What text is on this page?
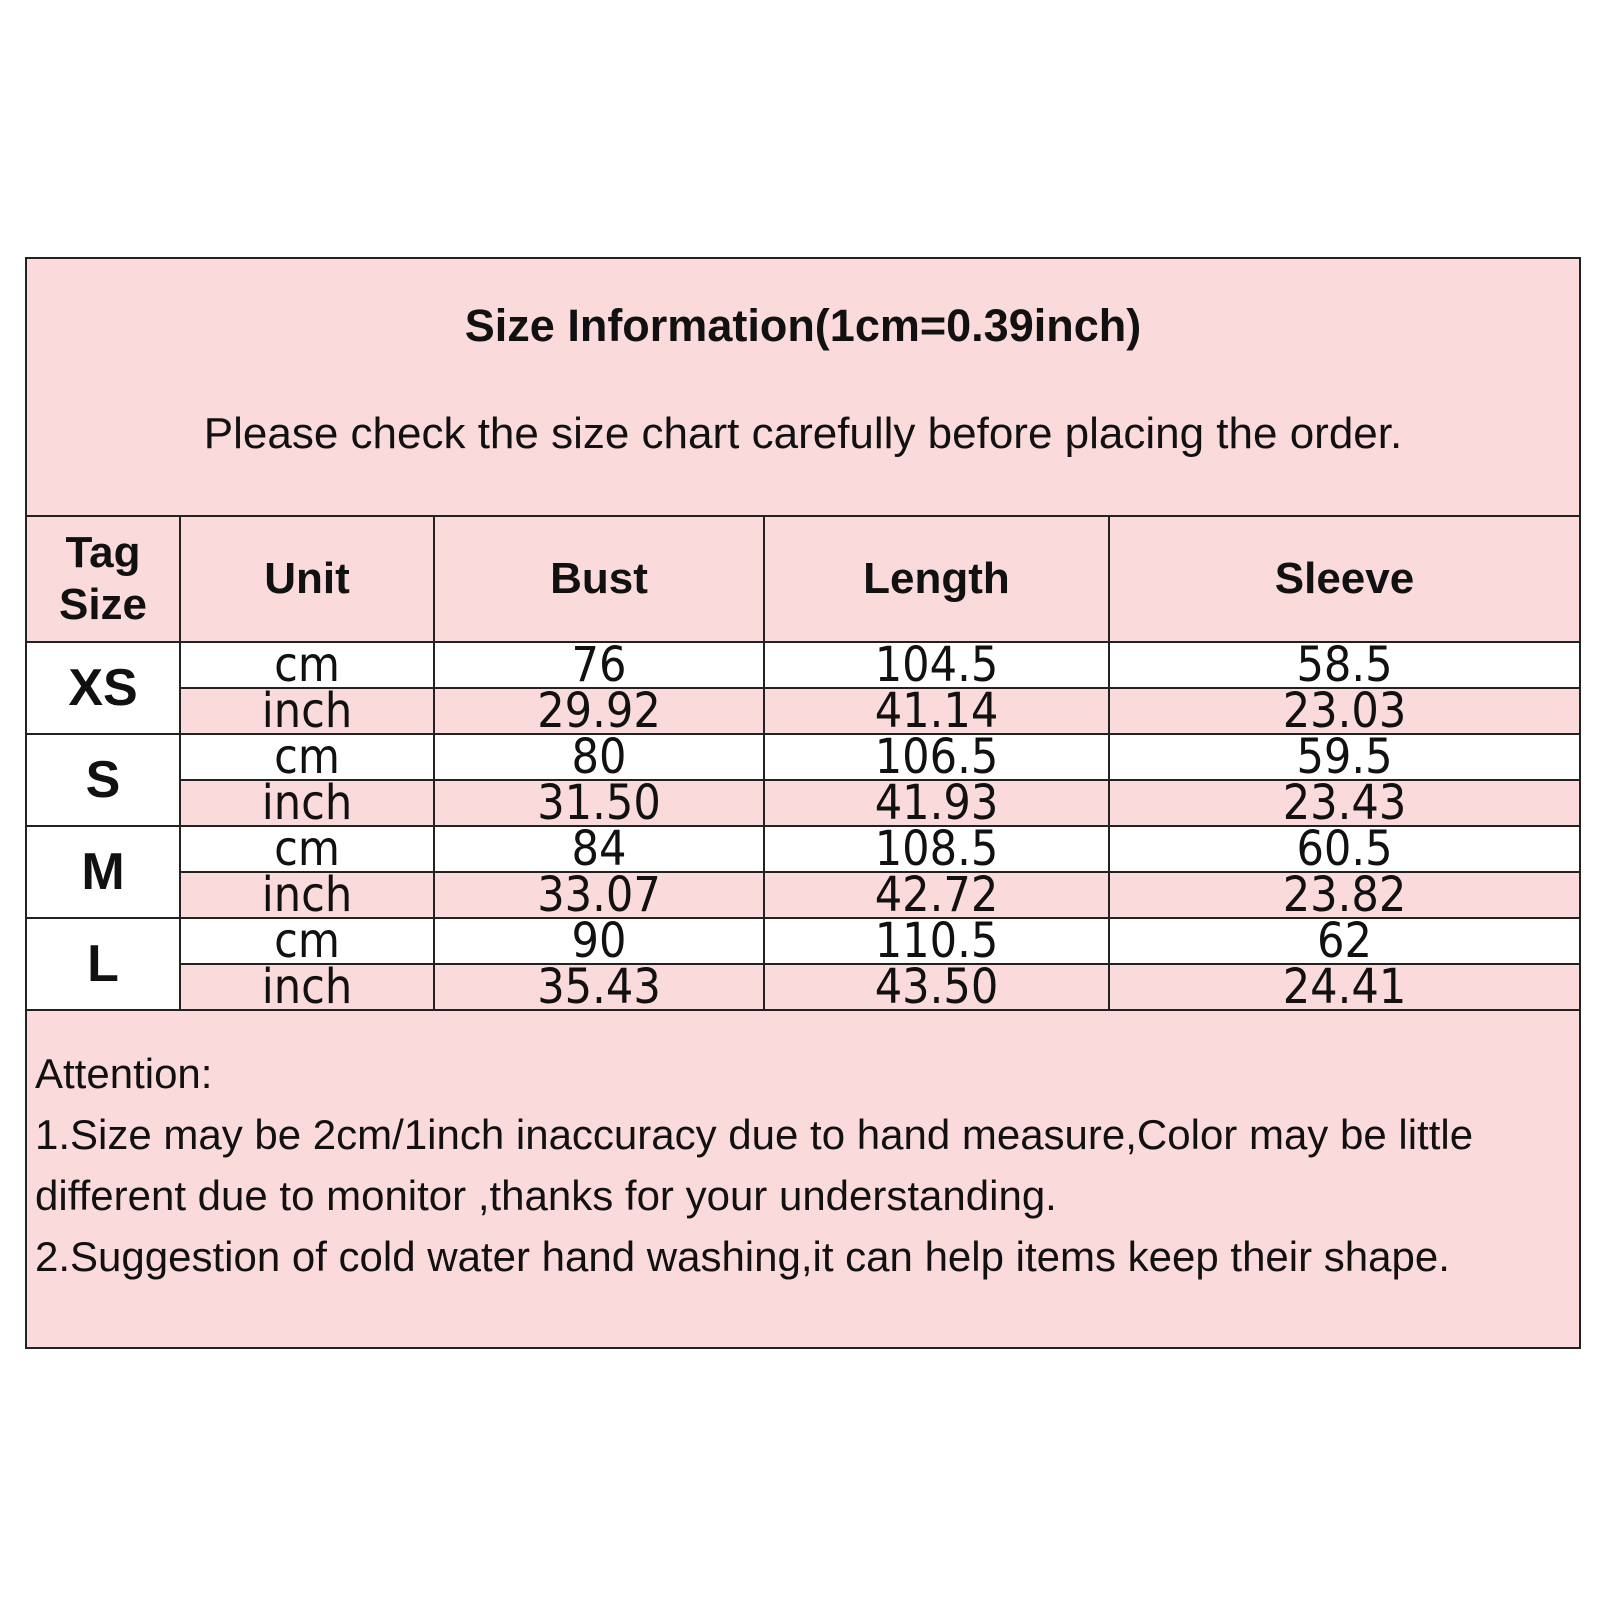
Size Information(1cm=0.39inch)
Please check the size chart carefully before placing the order.
Tag
Size	Unit	Bust	Length	Sleeve
XS	cm	76	104.5	58.5
	inch	29.92	41.14	23.03
S	cm	80	106.5	59.5
	inch	31.50	41.93	23.43
M	cm	84	108.5	60.5
	inch	33.07	42.72	23.82
L	cm	90	110.5	62
	inch	35.43	43.50	24.41
Attention:
1.Size may be 2cm/1inch inaccuracy due to hand measure,Color may be little different due to monitor ,thanks for your understanding.
2.Suggestion of cold water hand washing,it can help items keep their shape.
